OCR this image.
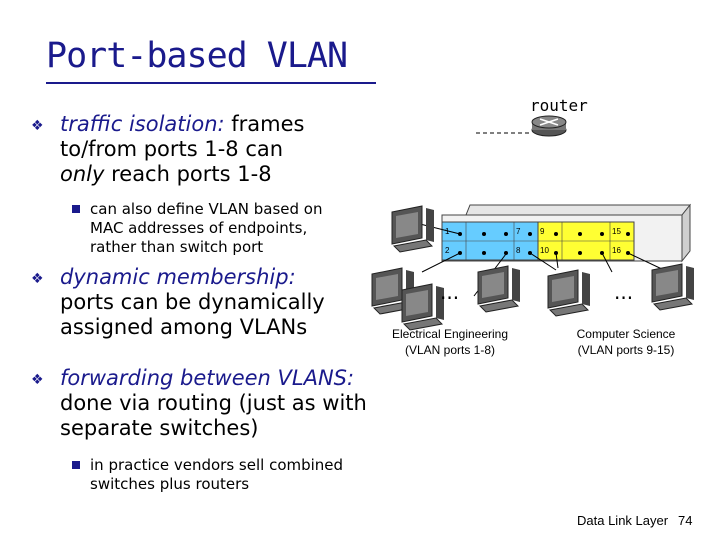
Port-based VLAN
❖ traffic isolation: frames
to/from ports 1-8 can
only reach ports 1-8
can also define VLAN based on
MAC addresses of endpoints,
rather than switch port
❖ dynamic membership:
ports can be dynamically
assigned among VLANs
❖ forwarding between VLANS:
done via routing (just as with
separate switches)
in practice vendors sell combined
switches plus routers
1
2
7
8
9
10
15
16
router
...	...
Electrical Engineering
(VLAN ports 1-8)
Computer Science
(VLAN ports 9-15)
Data Link Layer 74
